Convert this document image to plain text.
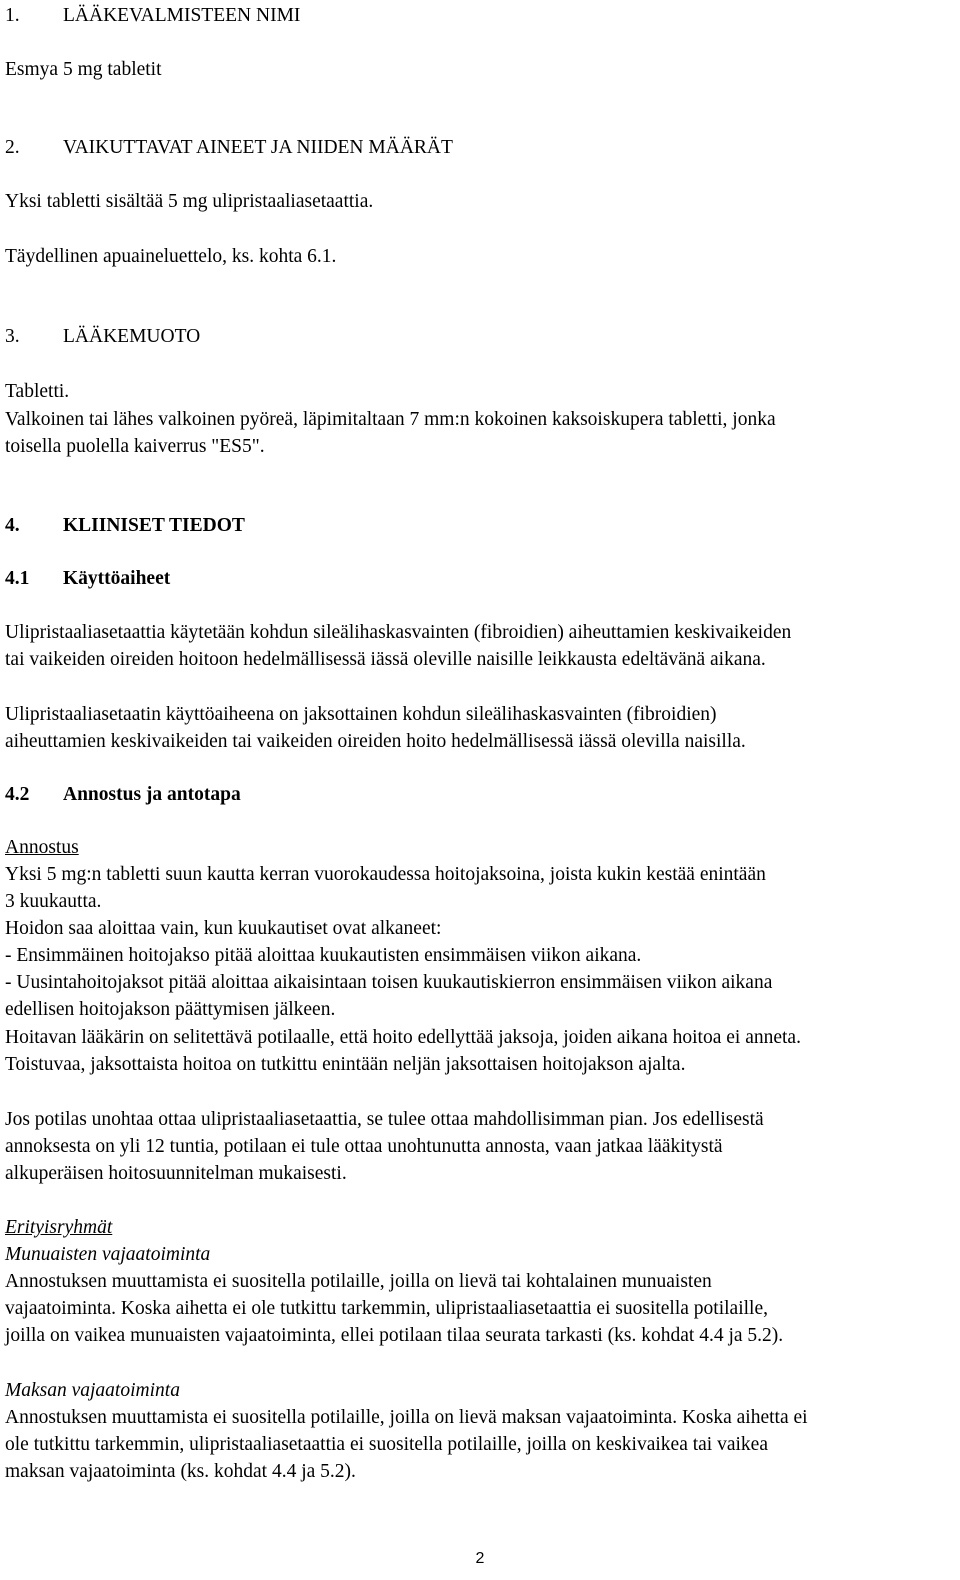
1. LÄÄKEVALMISTEEN NIMI
Esmya 5 mg tabletit
2. VAIKUTTAVAT AINEET JA NIIDEN MÄÄRÄT
Yksi tabletti sisältää 5 mg ulipristaaliasetaattia.
Täydellinen apuaineluettelo, ks. kohta 6.1.
3. LÄÄKEMUOTO
Tabletti.
Valkoinen tai lähes valkoinen pyöreä, läpimitaltaan 7 mm:n kokoinen kaksoiskupera tabletti, jonka
toisella puolella kaiverrus "ES5".
4. KLIINISET TIEDOT
4.1 Käyttöaiheet
Ulipristaaliasetaattia käytetään kohdun sileälihaskasvainten (fibroidien) aiheuttamien keskivaikeiden
tai vaikeiden oireiden hoitoon hedelmällisessä iässä oleville naisille leikkausta edeltävänä aikana.
Ulipristaaliasetaatin käyttöaiheena on jaksottainen kohdun sileälihaskasvainten (fibroidien)
aiheuttamien keskivaikeiden tai vaikeiden oireiden hoito hedelmällisessä iässä olevilla naisilla.
4.2 Annostus ja antotapa
Annostus
Yksi 5 mg:n tabletti suun kautta kerran vuorokaudessa hoitojaksoina, joista kukin kestää enintään
3 kuukautta.
Hoidon saa aloittaa vain, kun kuukautiset ovat alkaneet:
- Ensimmäinen hoitojakso pitää aloittaa kuukautisten ensimmäisen viikon aikana.
- Uusintahoitojaksot pitää aloittaa aikaisintaan toisen kuukautiskierron ensimmäisen viikon aikana
edellisen hoitojakson päättymisen jälkeen.
Hoitavan lääkärin on selitettävä potilaalle, että hoito edellyttää jaksoja, joiden aikana hoitoa ei anneta.
Toistuvaa, jaksottaista hoitoa on tutkittu enintään neljän jaksottaisen hoitojakson ajalta.
Jos potilas unohtaa ottaa ulipristaaliasetaattia, se tulee ottaa mahdollisimman pian. Jos edellisestä
annoksesta on yli 12 tuntia, potilaan ei tule ottaa unohtunutta annosta, vaan jatkaa lääkitystä
alkuperäisen hoitosuunnitelman mukaisesti.
Erityisryhmät
Munuaisten vajaatoiminta
Annostuksen muuttamista ei suositella potilaille, joilla on lievä tai kohtalainen munuaisten
vajaatoiminta. Koska aihetta ei ole tutkittu tarkemmin, ulipristaaliasetaattia ei suositella potilaille,
joilla on vaikea munuaisten vajaatoiminta, ellei potilaan tilaa seurata tarkasti (ks. kohdat 4.4 ja 5.2).
Maksan vajaatoiminta
Annostuksen muuttamista ei suositella potilaille, joilla on lievä maksan vajaatoiminta. Koska aihetta ei
ole tutkittu tarkemmin, ulipristaaliasetaattia ei suositella potilaille, joilla on keskivaikea tai vaikea
maksan vajaatoiminta (ks. kohdat 4.4 ja 5.2).
2
